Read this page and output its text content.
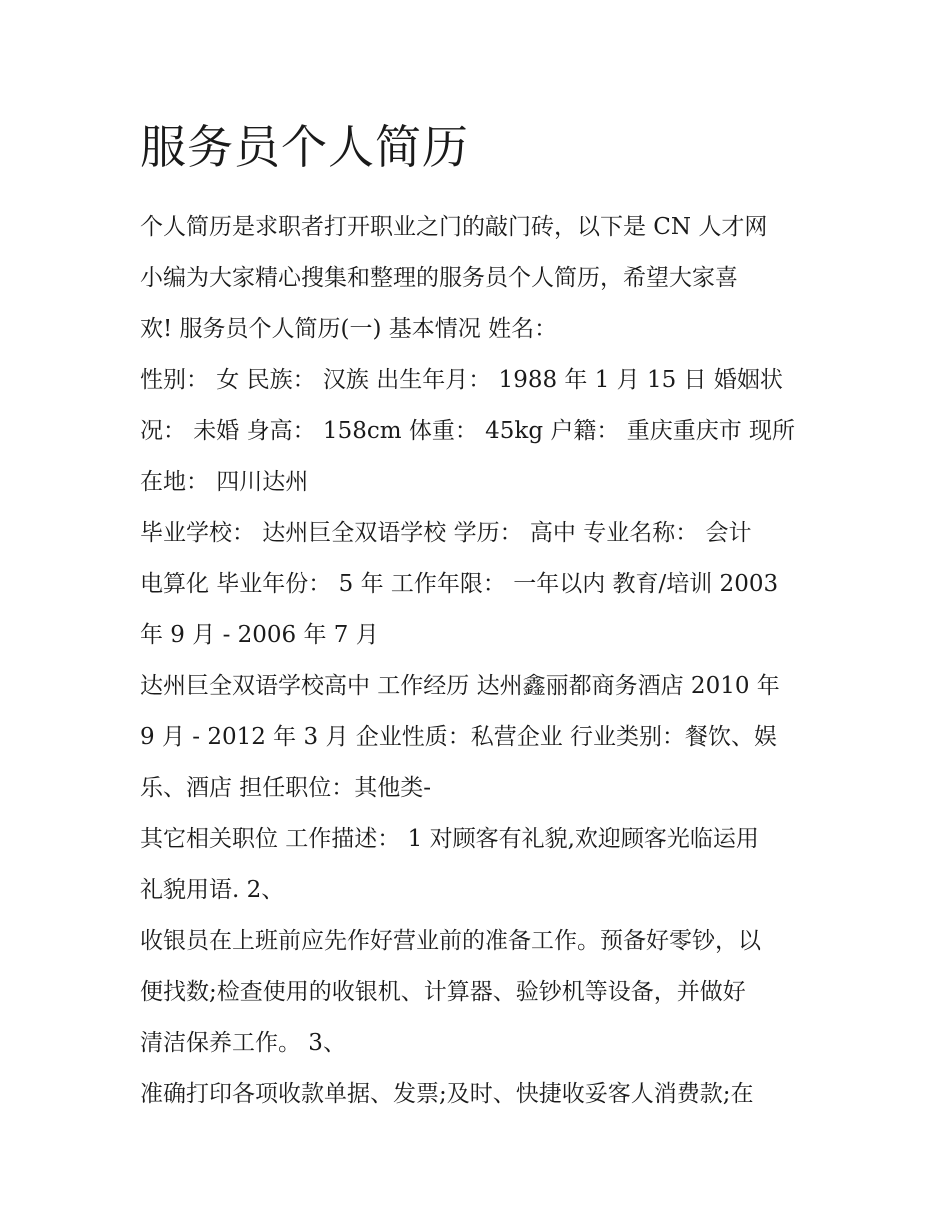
服务员个人简历
个人简历是求职者打开职业之门的敲门砖，以下是 CN 人才网
小编为大家精心搜集和整理的服务员个人简历，希望大家喜
欢! 服务员个人简历(一) 基本情况 姓名：
性别： 女 民族： 汉族 出生年月： 1988 年 1 月 15 日 婚姻状
况： 未婚 身高： 158cm 体重： 45kg 户籍： 重庆重庆市 现所
在地： 四川达州
毕业学校： 达州巨全双语学校 学历： 高中 专业名称： 会计
电算化 毕业年份： 5 年 工作年限： 一年以内 教育/培训 2003
年 9 月 - 2006 年 7 月
达州巨全双语学校高中 工作经历 达州鑫丽都商务酒店 2010 年
9 月 - 2012 年 3 月 企业性质：私营企业 行业类别：餐饮、娱
乐、酒店 担任职位：其他类-
其它相关职位 工作描述： 1 对顾客有礼貌,欢迎顾客光临运用
礼貌用语. 2、
收银员在上班前应先作好营业前的准备工作。预备好零钞，以
便找数;检查使用的收银机、计算器、验钞机等设备，并做好
清洁保养工作。 3、
准确打印各项收款单据、发票;及时、快捷收妥客人消费款;在
